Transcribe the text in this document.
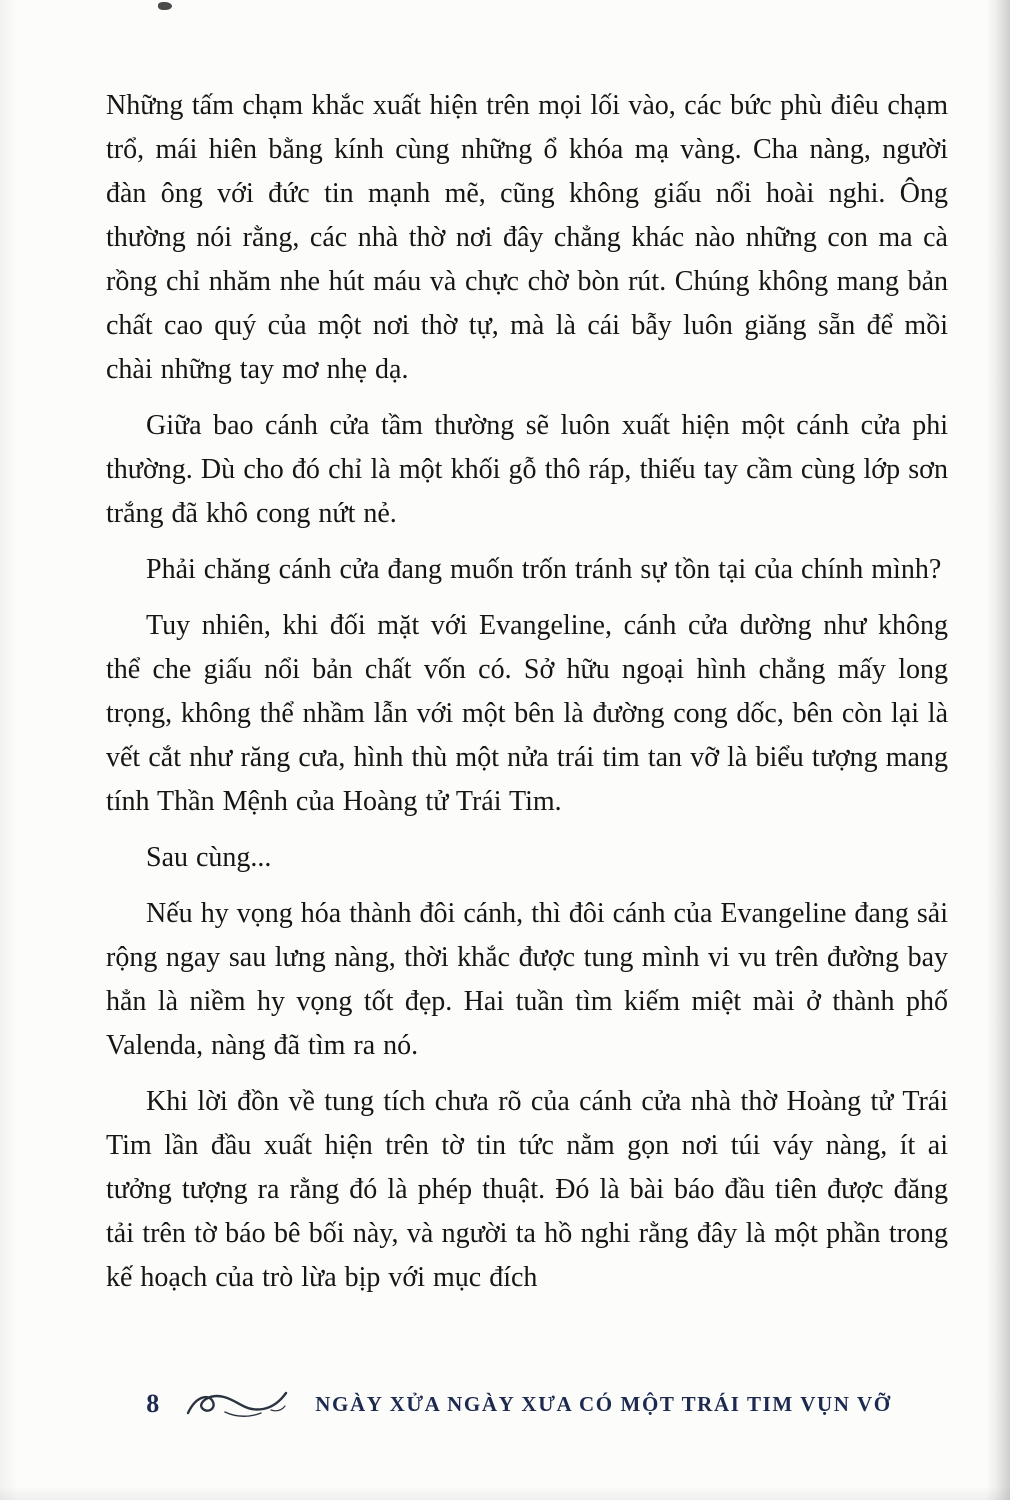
Những tấm chạm khắc xuất hiện trên mọi lối vào, các bức phù điêu chạm trổ, mái hiên bằng kính cùng những ổ khóa mạ vàng. Cha nàng, người đàn ông với đức tin mạnh mẽ, cũng không giấu nổi hoài nghi. Ông thường nói rằng, các nhà thờ nơi đây chẳng khác nào những con ma cà rồng chỉ nhăm nhe hút máu và chực chờ bòn rút. Chúng không mang bản chất cao quý của một nơi thờ tự, mà là cái bẫy luôn giăng sẵn để mồi chài những tay mơ nhẹ dạ.

Giữa bao cánh cửa tầm thường sẽ luôn xuất hiện một cánh cửa phi thường. Dù cho đó chỉ là một khối gỗ thô ráp, thiếu tay cầm cùng lớp sơn trắng đã khô cong nứt nẻ.

Phải chăng cánh cửa đang muốn trốn tránh sự tồn tại của chính mình?

Tuy nhiên, khi đối mặt với Evangeline, cánh cửa dường như không thể che giấu nổi bản chất vốn có. Sở hữu ngoại hình chẳng mấy long trọng, không thể nhầm lẫn với một bên là đường cong dốc, bên còn lại là vết cắt như răng cưa, hình thù một nửa trái tim tan vỡ là biểu tượng mang tính Thần Mệnh của Hoàng tử Trái Tim.

Sau cùng...

Nếu hy vọng hóa thành đôi cánh, thì đôi cánh của Evangeline đang sải rộng ngay sau lưng nàng, thời khắc được tung mình vi vu trên đường bay hẳn là niềm hy vọng tốt đẹp. Hai tuần tìm kiếm miệt mài ở thành phố Valenda, nàng đã tìm ra nó.

Khi lời đồn về tung tích chưa rõ của cánh cửa nhà thờ Hoàng tử Trái Tim lần đầu xuất hiện trên tờ tin tức nằm gọn nơi túi váy nàng, ít ai tưởng tượng ra rằng đó là phép thuật. Đó là bài báo đầu tiên được đăng tải trên tờ báo bê bối này, và người ta hồ nghi rằng đây là một phần trong kế hoạch của trò lừa bịp với mục đích

8	NGÀY XỬA NGÀY XƯA CÓ MỘT TRÁI TIM VỤN VỠ
